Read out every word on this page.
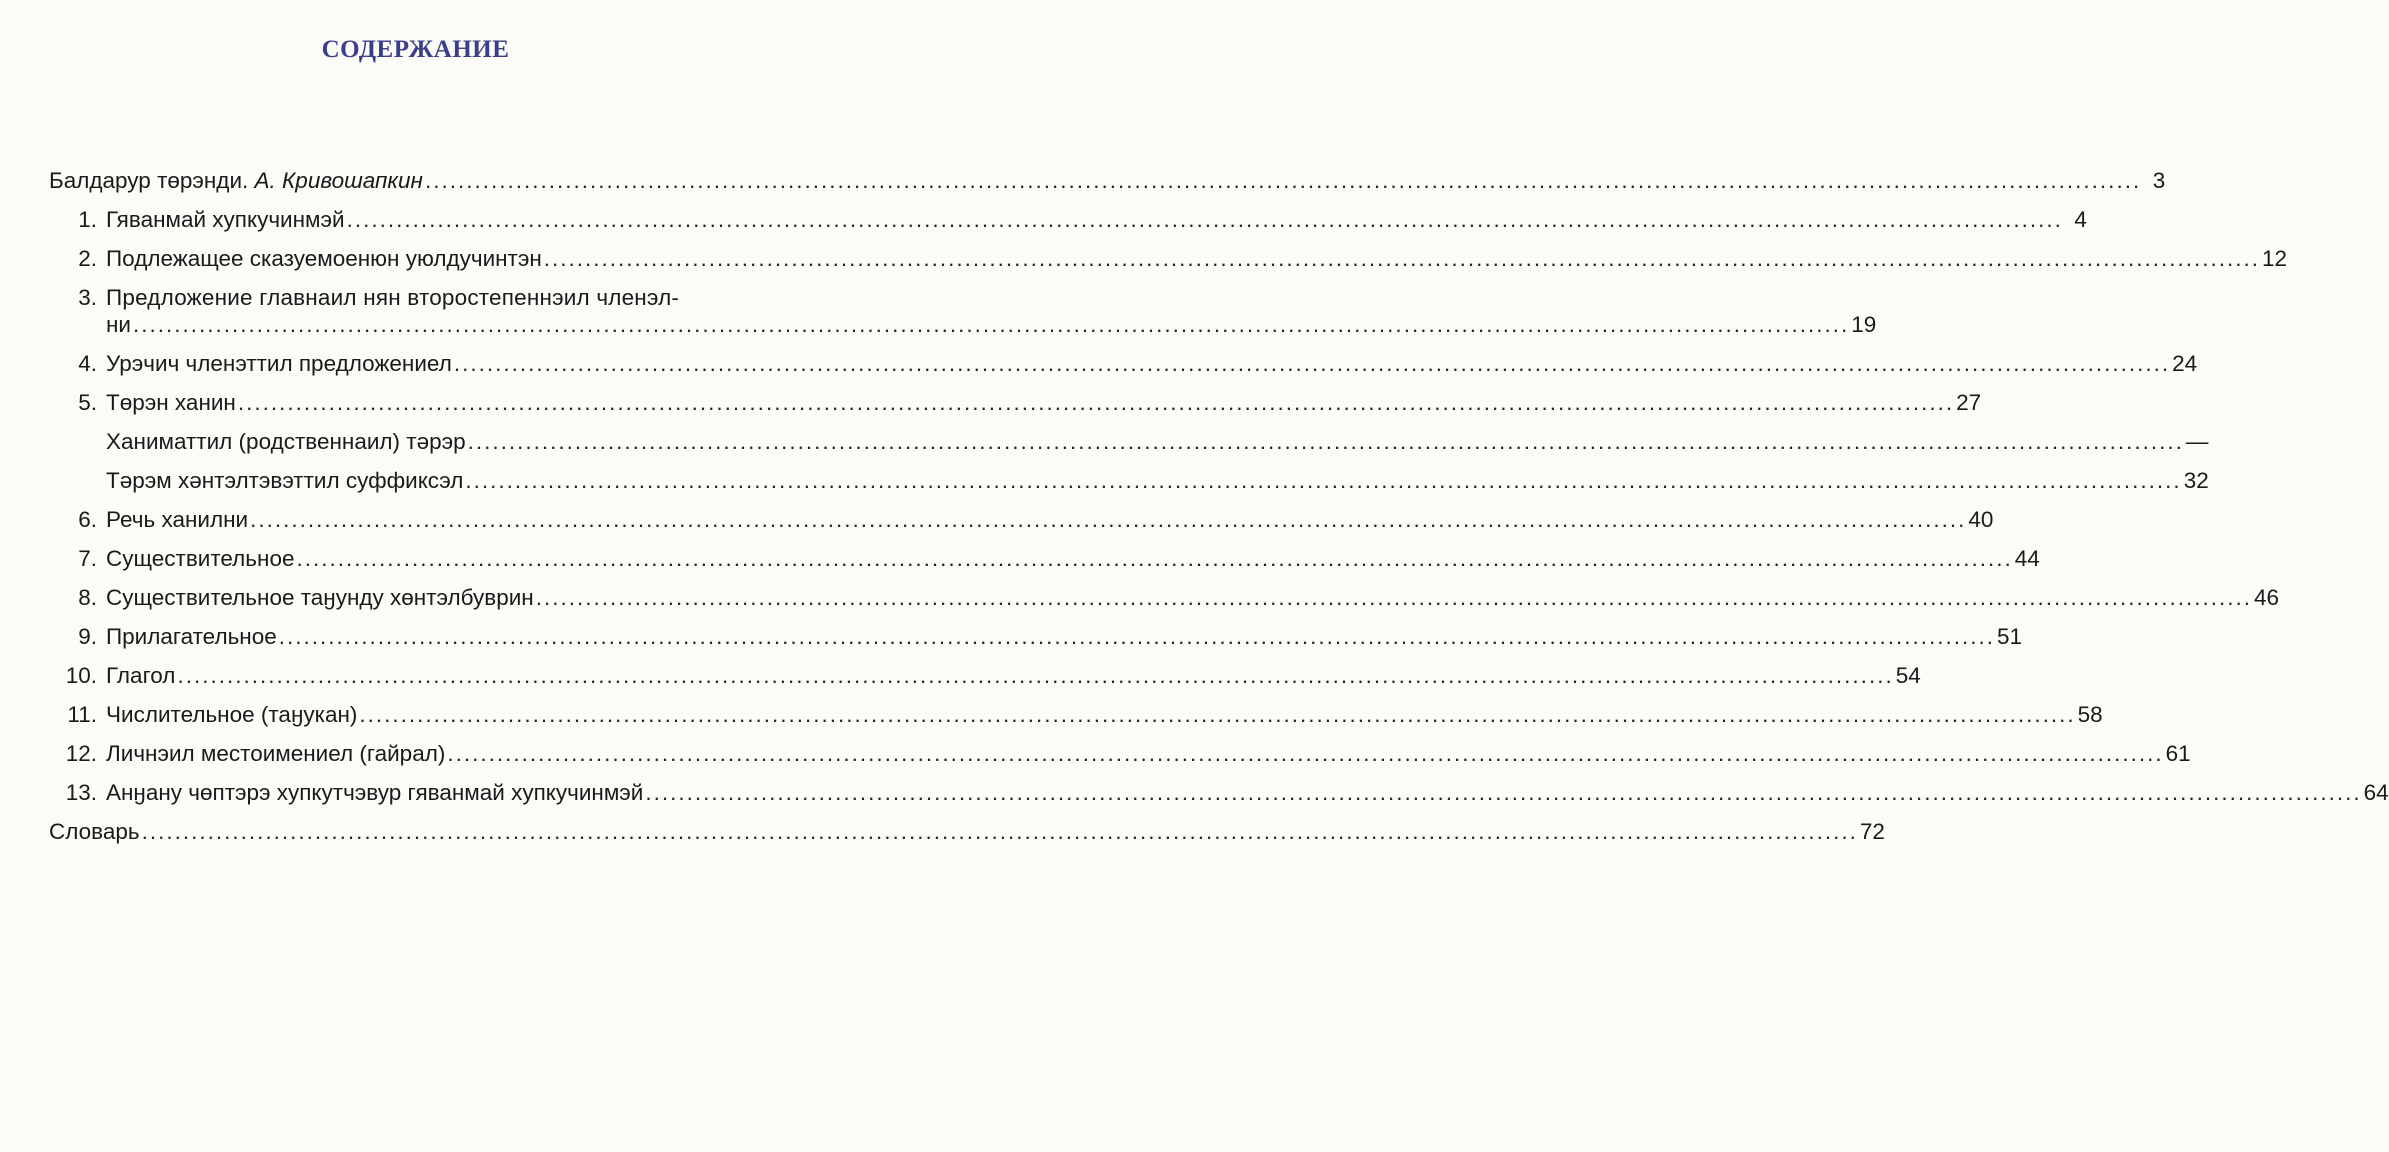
СОДЕРЖАНИЕ
Балдарур төрэнди. А. Кривошапкин .....	3
1. Гяванмай хупкучинмэй .....	4
2. Подлежащее сказуемоенюн уюлдучинтэн .....	12
3. Предложение главнаил нян второстепеннэил членэл-
ни .....	19
4. Урэчич членэттил предложениел .....	24
5. Төрэн ханин .....	27
Ханиматтил (родственнаил) тәрэр .....	—
Тәрэм хәнтэлтэвэттил суффиксэл .....	32
6. Речь ханилни .....	40
7. Существительное .....	44
8. Существительное таӈунду хөнтэлбуврин .....	46
9. Прилагательное .....	51
10. Глагол .....	54
11. Числительное (таӈукан) .....	58
12. Личнэил местоимениел (гайрал) .....	61
13. Анӈану чөптэрэ хупкутчэвур гяванмай хупкучинмэй .....	64
Словарь .....	72
